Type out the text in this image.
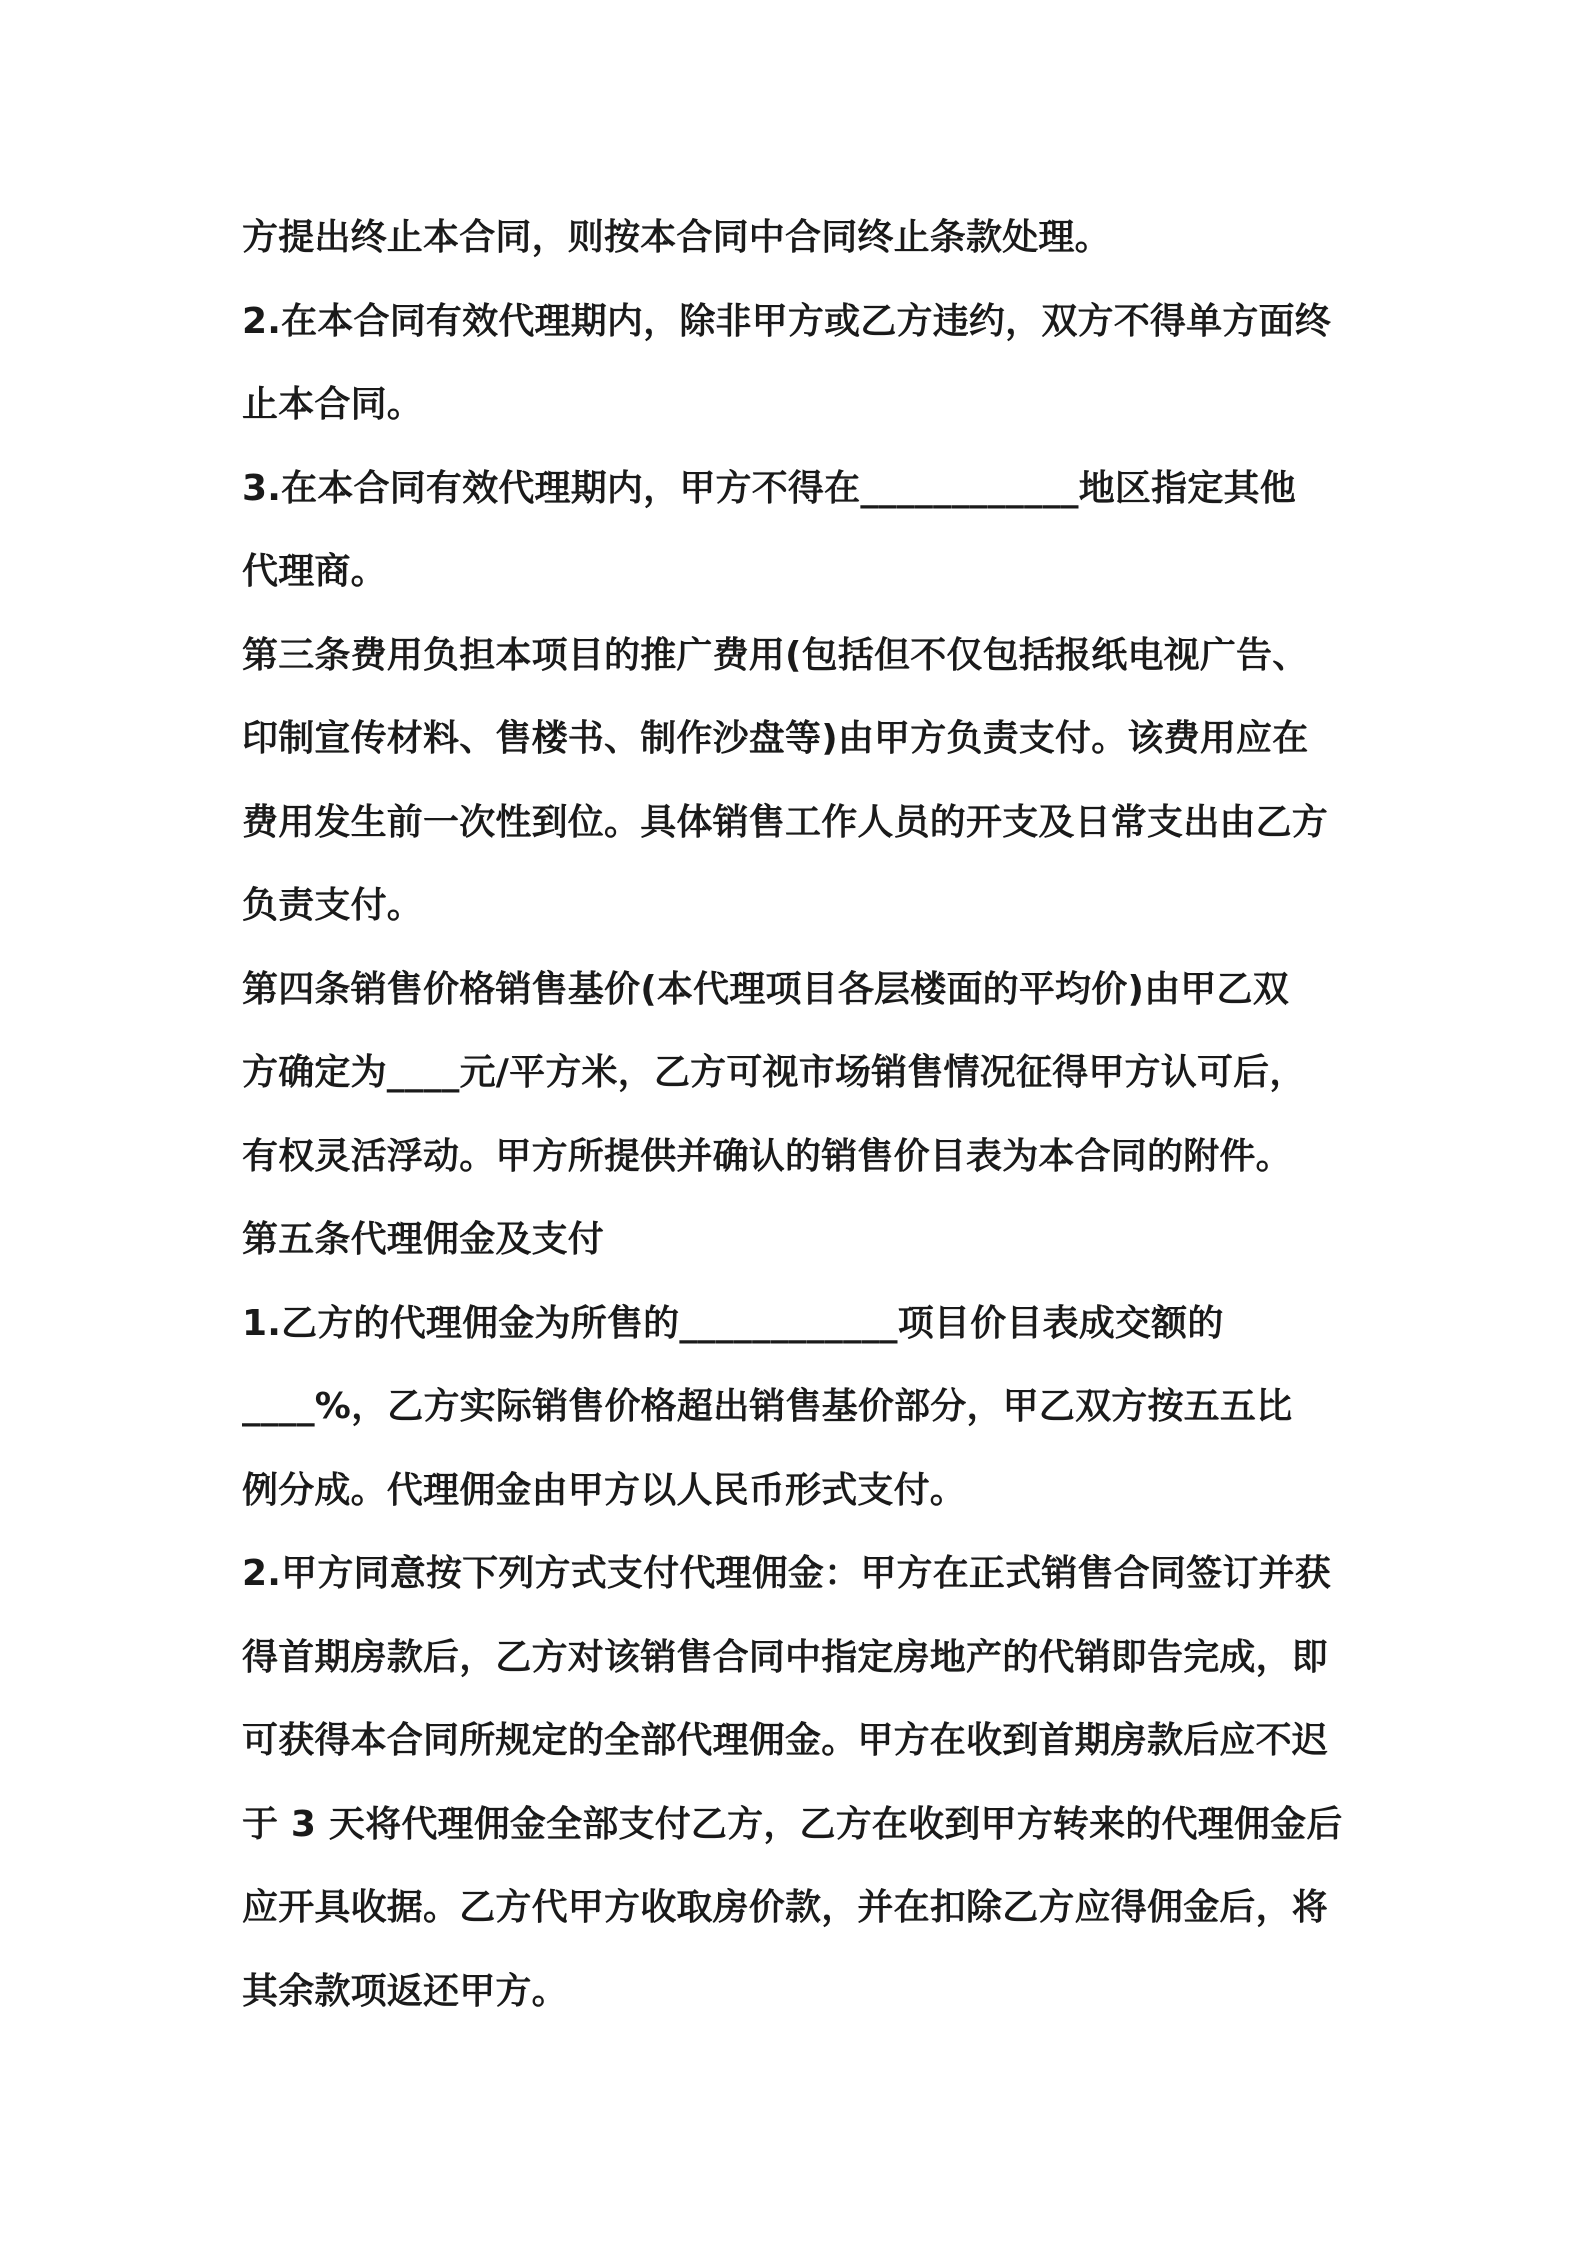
方提出终止本合同，则按本合同中合同终止条款处理。
2.在本合同有效代理期内，除非甲方或乙方违约，双方不得单方面终
止本合同。
3.在本合同有效代理期内，甲方不得在____________地区指定其他
代理商。
第三条费用负担本项目的推广费用(包括但不仅包括报纸电视广告、
印制宣传材料、售楼书、制作沙盘等)由甲方负责支付。该费用应在
费用发生前一次性到位。具体销售工作人员的开支及日常支出由乙方
负责支付。
第四条销售价格销售基价(本代理项目各层楼面的平均价)由甲乙双
方确定为____元/平方米，乙方可视市场销售情况征得甲方认可后，
有权灵活浮动。甲方所提供并确认的销售价目表为本合同的附件。
第五条代理佣金及支付
1.乙方的代理佣金为所售的____________项目价目表成交额的
____%，乙方实际销售价格超出销售基价部分，甲乙双方按五五比
例分成。代理佣金由甲方以人民币形式支付。
2.甲方同意按下列方式支付代理佣金：甲方在正式销售合同签订并获
得首期房款后，乙方对该销售合同中指定房地产的代销即告完成，即
可获得本合同所规定的全部代理佣金。甲方在收到首期房款后应不迟
于 3 天将代理佣金全部支付乙方，乙方在收到甲方转来的代理佣金后
应开具收据。乙方代甲方收取房价款，并在扣除乙方应得佣金后，将
其余款项返还甲方。
